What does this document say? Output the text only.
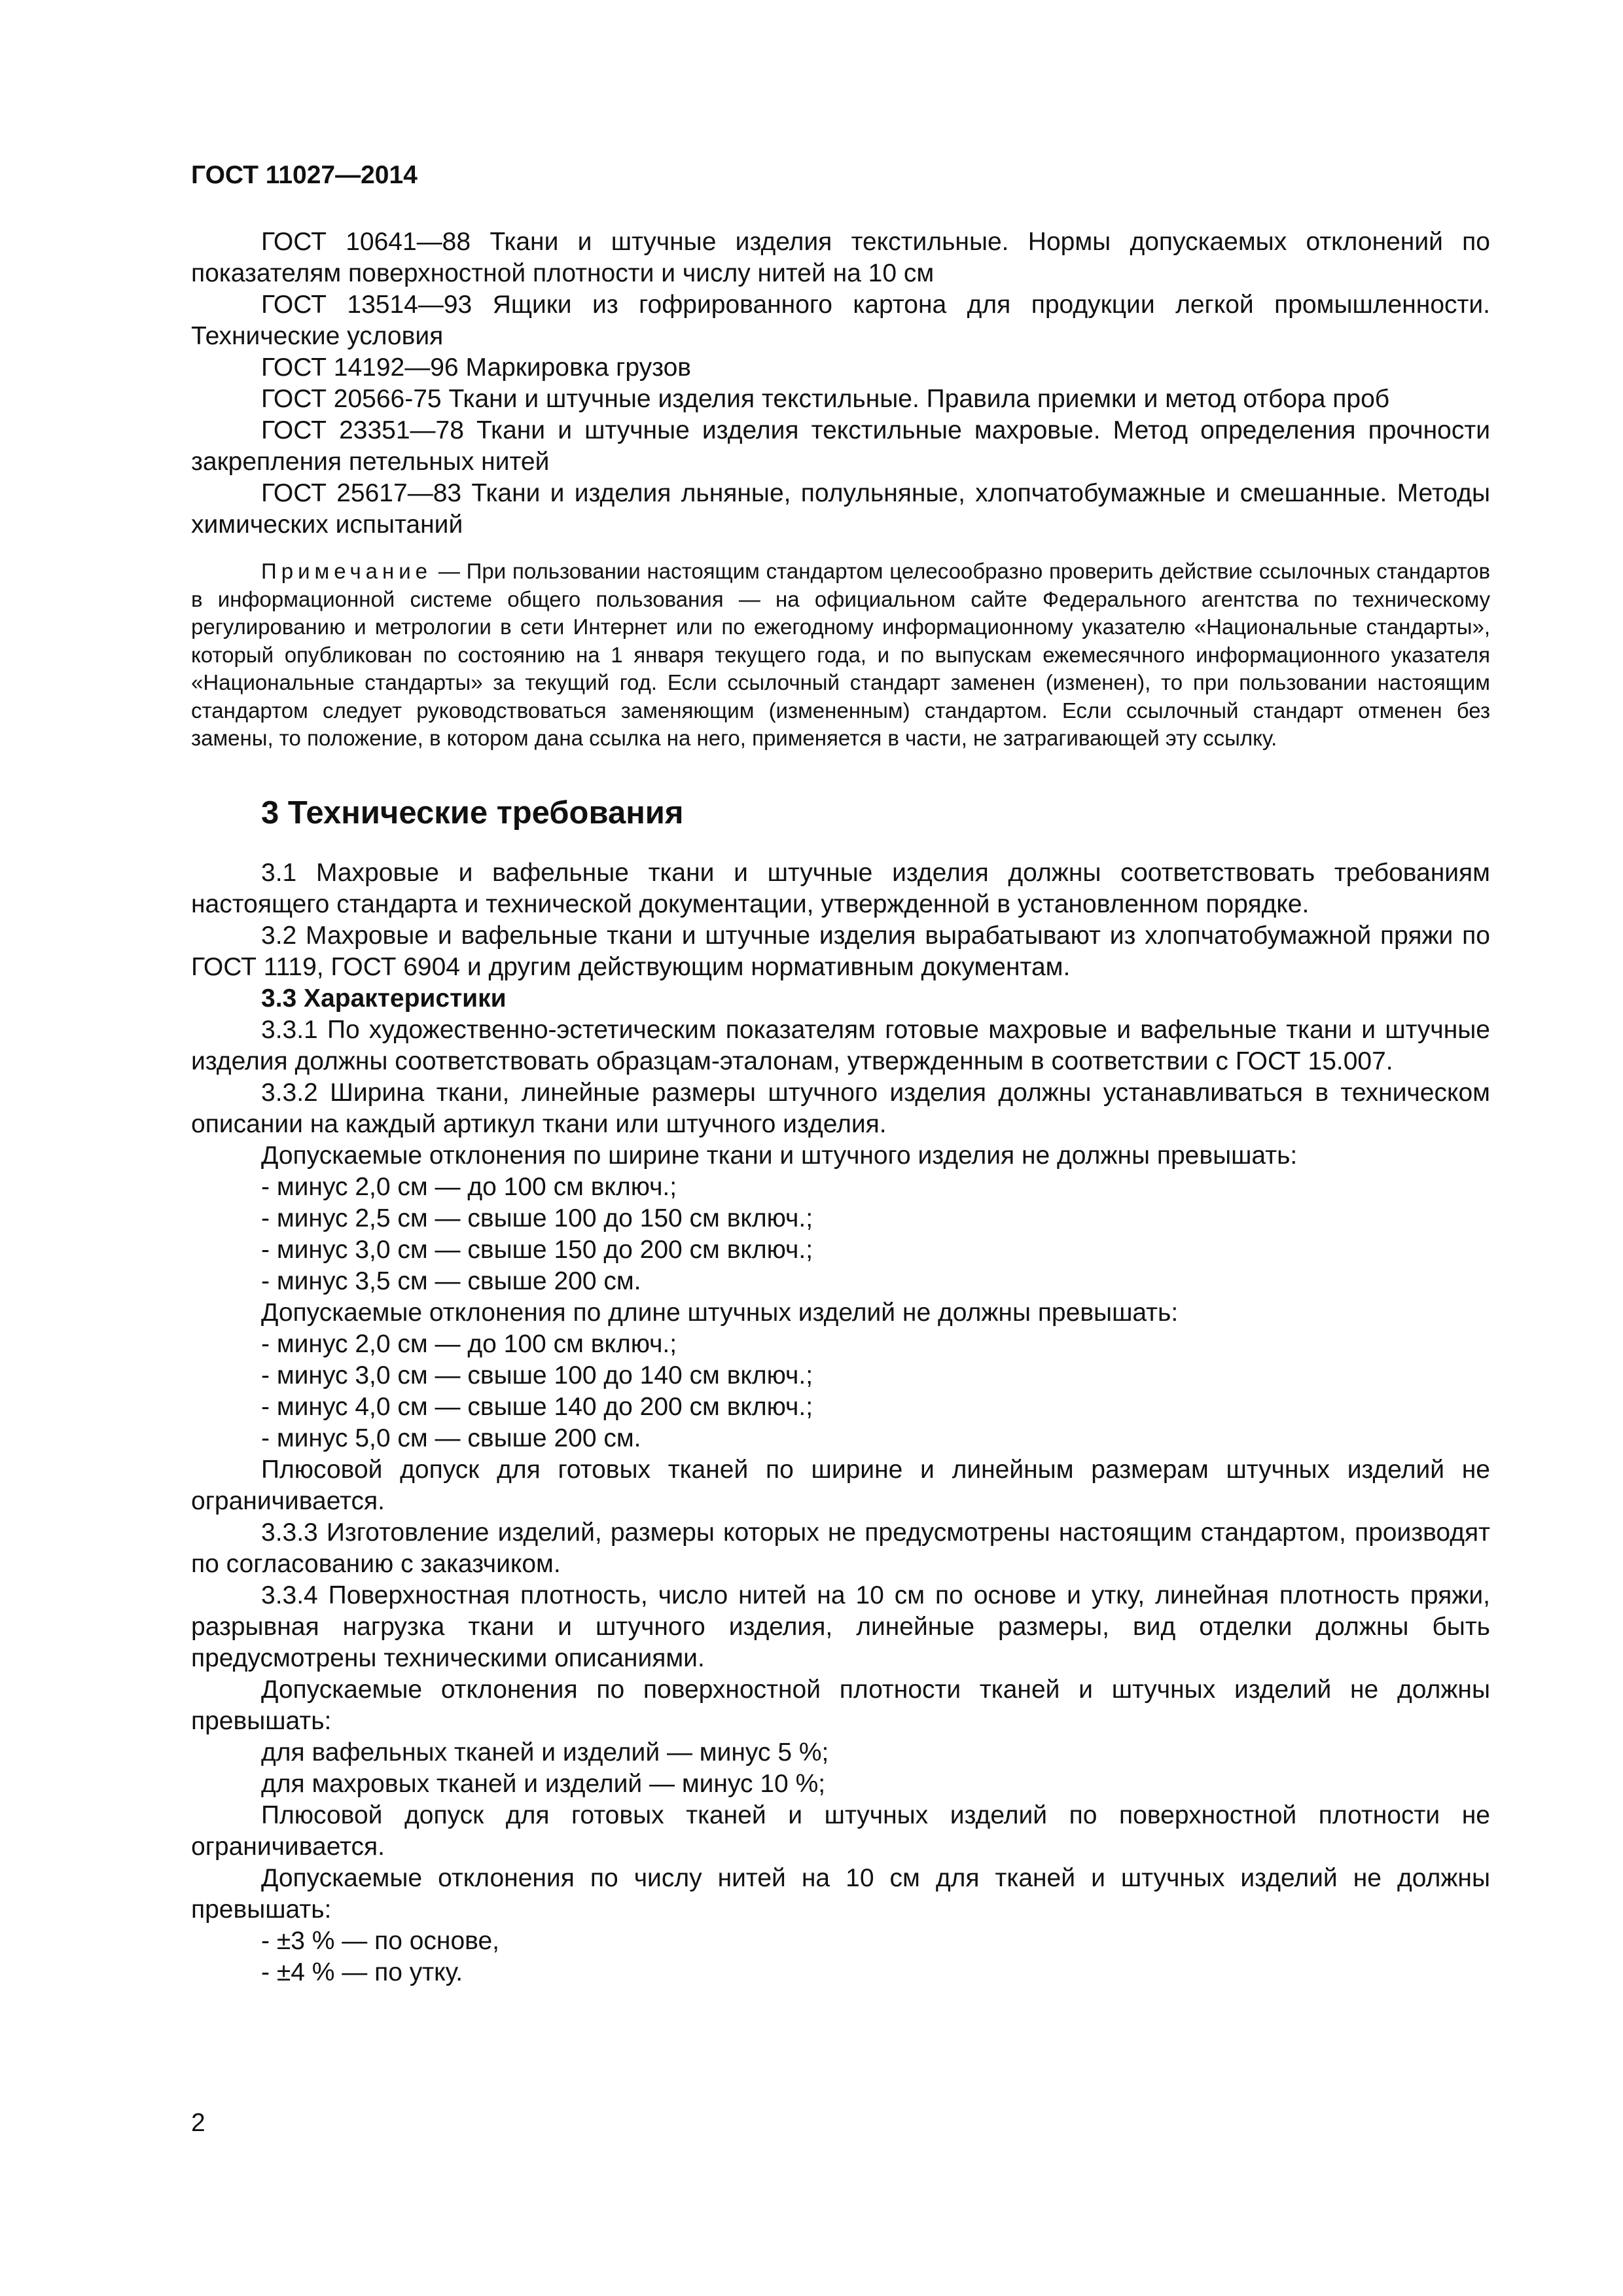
ГОСТ 11027—2014

ГОСТ 10641—88 Ткани и штучные изделия текстильные. Нормы допускаемых отклонений по показателям поверхностной плотности и числу нитей на 10 см

ГОСТ 13514—93 Ящики из гофрированного картона для продукции легкой промышленности. Технические условия

ГОСТ 14192—96 Маркировка грузов

ГОСТ 20566-75 Ткани и штучные изделия текстильные. Правила приемки и метод отбора проб

ГОСТ 23351—78 Ткани и штучные изделия текстильные махровые. Метод определения прочности закрепления петельных нитей

ГОСТ 25617—83 Ткани и изделия льняные, полульняные, хлопчатобумажные и смешанные. Методы химических испытаний

Примечание — При пользовании настоящим стандартом целесообразно проверить действие ссылочных стандартов в информационной системе общего пользования — на официальном сайте Федерального агентства по техническому регулированию и метрологии в сети Интернет или по ежегодному информационному указателю «Национальные стандарты», который опубликован по состоянию на 1 января текущего года, и по выпускам ежемесячного информационного указателя «Национальные стандарты» за текущий год. Если ссылочный стандарт заменен (изменен), то при пользовании настоящим стандартом следует руководствоваться заменяющим (измененным) стандартом. Если ссылочный стандарт отменен без замены, то положение, в котором дана ссылка на него, применяется в части, не затрагивающей эту ссылку.

3 Технические требования

3.1 Махровые и вафельные ткани и штучные изделия должны соответствовать требованиям настоящего стандарта и технической документации, утвержденной в установленном порядке.

3.2 Махровые и вафельные ткани и штучные изделия вырабатывают из хлопчатобумажной пряжи по ГОСТ 1119, ГОСТ 6904 и другим действующим нормативным документам.

3.3 Характеристики

3.3.1 По художественно-эстетическим показателям готовые махровые и вафельные ткани и штучные изделия должны соответствовать образцам-эталонам, утвержденным в соответствии с ГОСТ 15.007.

3.3.2 Ширина ткани, линейные размеры штучного изделия должны устанавливаться в техническом описании на каждый артикул ткани или штучного изделия.

Допускаемые отклонения по ширине ткани и штучного изделия не должны превышать:

- минус 2,0 см — до 100 см включ.;

- минус 2,5 см — свыше 100 до 150 см включ.;

- минус 3,0 см — свыше 150 до 200 см включ.;

- минус 3,5 см — свыше 200 см.

Допускаемые отклонения по длине штучных изделий не должны превышать:

- минус 2,0 см — до 100 см включ.;

- минус 3,0 см — свыше 100 до 140 см включ.;

- минус 4,0 см — свыше 140 до 200 см включ.;

- минус 5,0 см — свыше 200 см.

Плюсовой допуск для готовых тканей по ширине и линейным размерам штучных изделий не ограничивается.

3.3.3 Изготовление изделий, размеры которых не предусмотрены настоящим стандартом, производят по согласованию с заказчиком.

3.3.4 Поверхностная плотность, число нитей на 10 см по основе и утку, линейная плотность пряжи, разрывная нагрузка ткани и штучного изделия, линейные размеры, вид отделки должны быть предусмотрены техническими описаниями.

Допускаемые отклонения по поверхностной плотности тканей и штучных изделий не должны превышать:

для вафельных тканей и изделий — минус 5 %;

для махровых тканей и изделий — минус 10 %;

Плюсовой допуск для готовых тканей и штучных изделий по поверхностной плотности не ограничивается.

Допускаемые отклонения по числу нитей на 10 см для тканей и штучных изделий не должны превышать:

- ±3 % — по основе,

- ±4 % — по утку.

2
